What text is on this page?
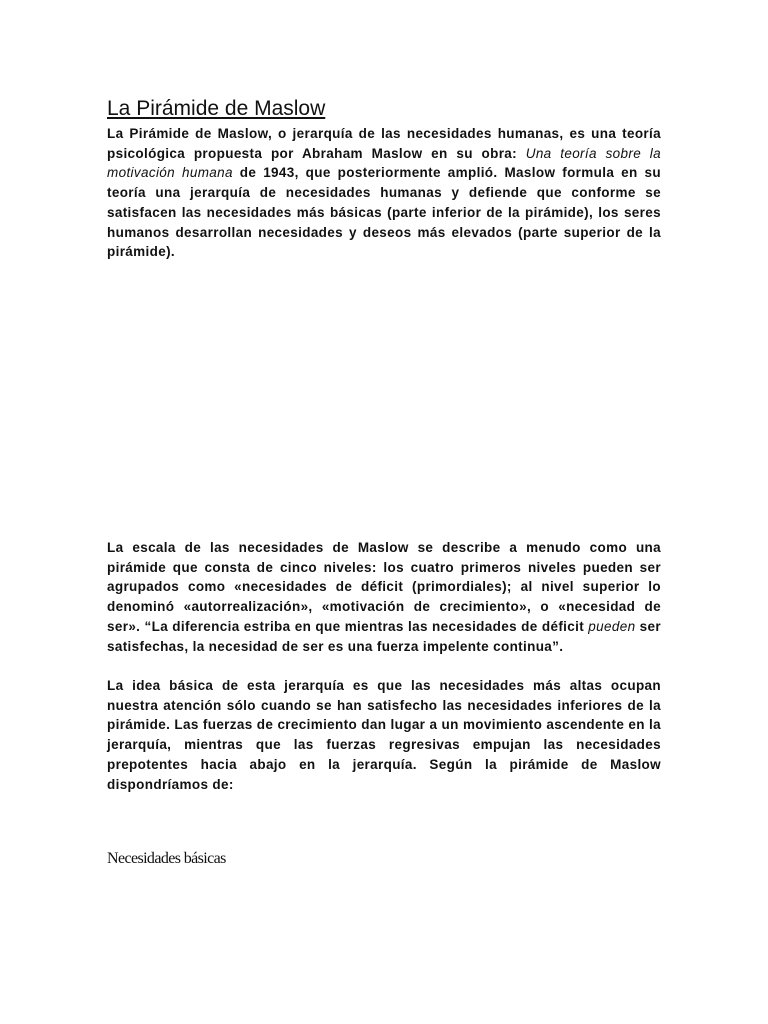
La Pirámide de Maslow

La Pirámide de Maslow, o jerarquía de las necesidades humanas, es una teoría psicológica propuesta por Abraham Maslow en su obra: Una teoría sobre la motivación humana de 1943, que posteriormente amplió. Maslow formula en su teoría una jerarquía de necesidades humanas y defiende que conforme se satisfacen las necesidades más básicas (parte inferior de la pirámide), los seres humanos desarrollan necesidades y deseos más elevados (parte superior de la pirámide).

La escala de las necesidades de Maslow se describe a menudo como una pirámide que consta de cinco niveles: los cuatro primeros niveles pueden ser agrupados como «necesidades de déficit (primordiales); al nivel superior lo denominó «autorrealización», «motivación de crecimiento», o «necesidad de ser». “La diferencia estriba en que mientras las necesidades de déficit pueden ser satisfechas, la necesidad de ser es una fuerza impelente continua”.

La idea básica de esta jerarquía es que las necesidades más altas ocupan nuestra atención sólo cuando se han satisfecho las necesidades inferiores de la pirámide. Las fuerzas de crecimiento dan lugar a un movimiento ascendente en la jerarquía, mientras que las fuerzas regresivas empujan las necesidades prepotentes hacia abajo en la jerarquía. Según la pirámide de Maslow dispondríamos de:

Necesidades básicas
